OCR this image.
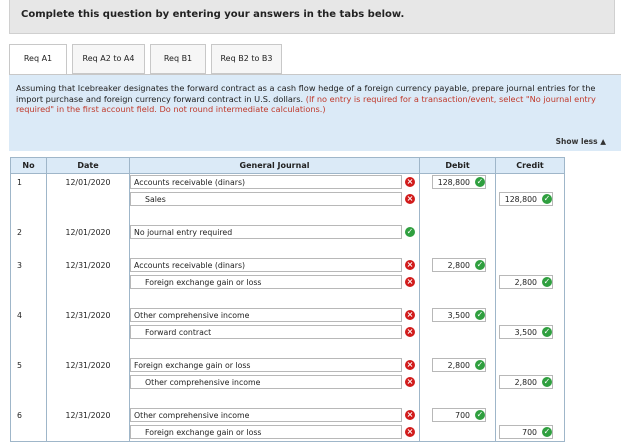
Complete this question by entering your answers in the tabs below.
Req A1	Req A2 to A4	Req B1	Req B2 to B3
Assuming that Icebreaker designates the forward contract as a cash flow hedge of a foreign currency payable, prepare journal entries for the import purchase and foreign currency forward contract in U.S. dollars. (If no entry is required for a transaction/event, select "No journal entry required" in the first account field. Do not round intermediate calculations.)
Show less ▲
No	Date	General Journal	Debit	Credit
1	12/01/2020	Accounts receivable (dinars) ×	128,800 ✓	

		Sales ×		128,800 ✓

2	12/01/2020	No journal entry required ✓		

3	12/31/2020	Accounts receivable (dinars) ×	2,800 ✓	

		Foreign exchange gain or loss ×		2,800 ✓

4	12/31/2020	Other comprehensive income ×	3,500 ✓	

		Forward contract ×		3,500 ✓

5	12/31/2020	Foreign exchange gain or loss ×	2,800 ✓	

		Other comprehensive income ×		2,800 ✓

6	12/31/2020	Other comprehensive income ×	700 ✓	

		Foreign exchange gain or loss ×		700 ✓
